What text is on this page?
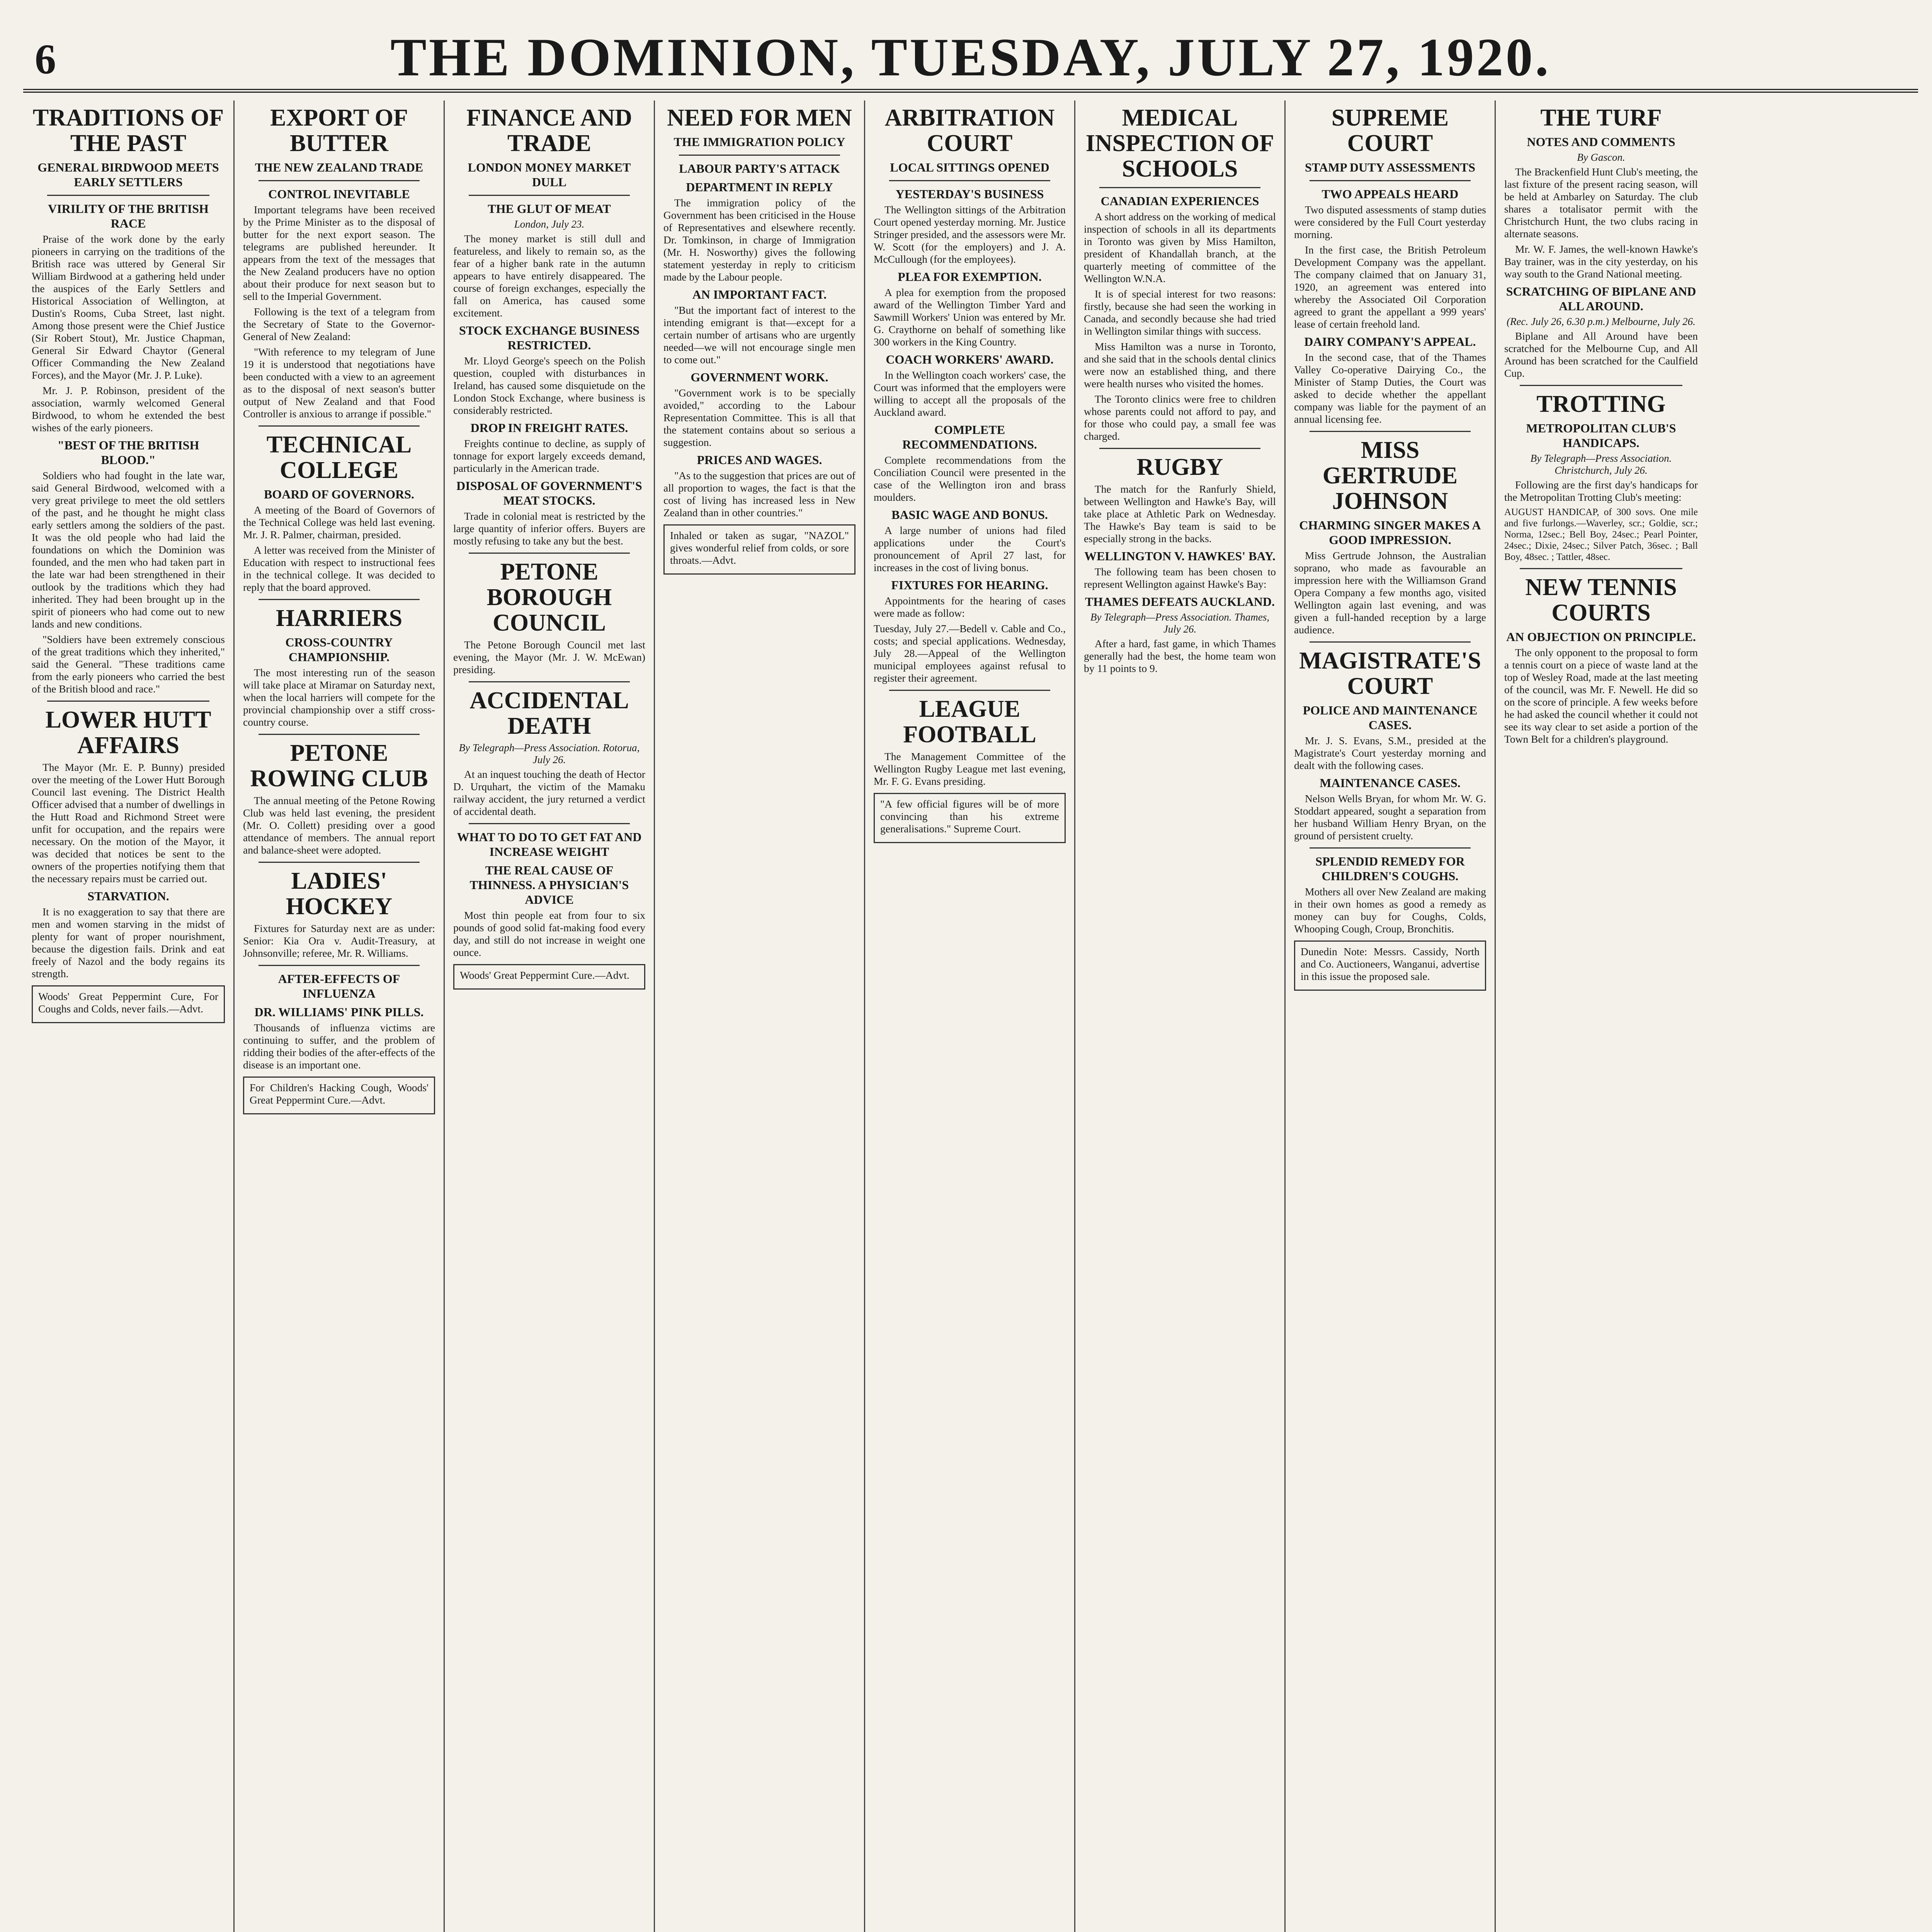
6	THE DOMINION, TUESDAY, JULY 27, 1920.
TRADITIONS OF THE PAST
GENERAL BIRDWOOD MEETS EARLY SETTLERS
VIRILITY OF THE BRITISH RACE

Praise of the work done by the early pioneers in carrying on the traditions of the British race was uttered by General Sir William Birdwood at a gathering held under the auspices of the Early Settlers and Historical Association of Wellington, at Dustin's Rooms, Cuba Street, last night. Among those present were the Chief Justice (Sir Robert Stout), Mr. Justice Chapman, General Sir Edward Chaytor (General Officer Commanding the New Zealand Forces), and the Mayor (Mr. J. P. Luke).

Mr. J. P. Robinson, president of the association, warmly welcomed General Birdwood, to whom he extended the best wishes of the early pioneers.

"BEST OF THE BRITISH BLOOD."

Soldiers who had fought in the late war, said General Birdwood, welcomed with a very great privilege to meet the old settlers of the past, and he thought he might class early settlers among the soldiers of the past. It was the old people who had laid the foundations on which the Dominion was founded, and the men who had taken part in the late war had been strengthened in their outlook by the traditions which they had inherited. They had been brought up in the spirit of pioneers who had come out to new lands and new conditions.

"Soldiers have been extremely conscious of the great traditions which they inherited," said the General. "These traditions came from the early pioneers who carried the best of the British blood and race."

LOWER HUTT AFFAIRS

The Mayor (Mr. E. P. Bunny) presided over the meeting of the Lower Hutt Borough Council last evening. The District Health Officer advised that a number of dwellings in the Hutt Road and Richmond Street were unfit for occupation, and the repairs were necessary. On the motion of the Mayor, it was decided that notices be sent to the owners of the properties notifying them that the necessary repairs must be carried out.

STARVATION.

It is no exaggeration to say that there are men and women starving in the midst of plenty for want of proper nourishment, because the digestion fails. Drink and eat freely of Nazol and the body regains its strength.

Woods' Great Peppermint Cure, For Coughs and Colds, never fails.—Advt.

EXPORT OF BUTTER
THE NEW ZEALAND TRADE
CONTROL INEVITABLE

Important telegrams have been received by the Prime Minister as to the disposal of butter for the next export season. The telegrams are published hereunder. It appears from the text of the messages that the New Zealand producers have no option about their produce for next season but to sell to the Imperial Government.

Following is the text of a telegram from the Secretary of State to the Governor-General of New Zealand:

"With reference to my telegram of June 19 it is understood that negotiations have been conducted with a view to an agreement as to the disposal of next season's butter output of New Zealand and that Food Controller is anxious to arrange if possible."

TECHNICAL COLLEGE
BOARD OF GOVERNORS.

A meeting of the Board of Governors of the Technical College was held last evening. Mr. J. R. Palmer, chairman, presided.

A letter was received from the Minister of Education with respect to instructional fees in the technical college. It was decided to reply that the board approved.

HARRIERS
CROSS-COUNTRY CHAMPIONSHIP.

The most interesting run of the season will take place at Miramar on Saturday next, when the local harriers will compete for the provincial championship over a stiff cross-country course.

PETONE ROWING CLUB

The annual meeting of the Petone Rowing Club was held last evening, the president (Mr. O. Collett) presiding over a good attendance of members. The annual report and balance-sheet were adopted.

LADIES' HOCKEY

Fixtures for Saturday next are as under: Senior: Kia Ora v. Audit-Treasury, at Johnsonville; referee, Mr. R. Williams.

AFTER-EFFECTS OF INFLUENZA
DR. WILLIAMS' PINK PILLS.

Thousands of influenza victims are continuing to suffer, and the problem of ridding their bodies of the after-effects of the disease is an important one.

For Children's Hacking Cough, Woods' Great Peppermint Cure.—Advt.

FINANCE AND TRADE
LONDON MONEY MARKET DULL
THE GLUT OF MEAT
London, July 23.

The money market is still dull and featureless, and likely to remain so, as the fear of a higher bank rate in the autumn appears to have entirely disappeared. The course of foreign exchanges, especially the fall on America, has caused some excitement.

STOCK EXCHANGE BUSINESS RESTRICTED.

Mr. Lloyd George's speech on the Polish question, coupled with disturbances in Ireland, has caused some disquietude on the London Stock Exchange, where business is considerably restricted.

DROP IN FREIGHT RATES.

Freights continue to decline, as supply of tonnage for export largely exceeds demand, particularly in the American trade.

DISPOSAL OF GOVERNMENT'S MEAT STOCKS.

Trade in colonial meat is restricted by the large quantity of inferior offers. Buyers are mostly refusing to take any but the best.

PETONE BOROUGH COUNCIL

The Petone Borough Council met last evening, the Mayor (Mr. J. W. McEwan) presiding.

ACCIDENTAL DEATH
By Telegraph—Press Association. Rotorua, July 26.

At an inquest touching the death of Hector D. Urquhart, the victim of the Mamaku railway accident, the jury returned a verdict of accidental death.

WHAT TO DO TO GET FAT AND INCREASE WEIGHT
THE REAL CAUSE OF THINNESS. A PHYSICIAN'S ADVICE

Most thin people eat from four to six pounds of good solid fat-making food every day, and still do not increase in weight one ounce.

Woods' Great Peppermint Cure.—Advt.

NEED FOR MEN
THE IMMIGRATION POLICY
LABOUR PARTY'S ATTACK
DEPARTMENT IN REPLY

The immigration policy of the Government has been criticised in the House of Representatives and elsewhere recently. Dr. Tomkinson, in charge of Immigration (Mr. H. Nosworthy) gives the following statement yesterday in reply to criticism made by the Labour people.

AN IMPORTANT FACT.

"But the important fact of interest to the intending emigrant is that—except for a certain number of artisans who are urgently needed—we will not encourage single men to come out."

GOVERNMENT WORK.

"Government work is to be specially avoided," according to the Labour Representation Committee. This is all that the statement contains about so serious a suggestion.

PRICES AND WAGES.

"As to the suggestion that prices are out of all proportion to wages, the fact is that the cost of living has increased less in New Zealand than in other countries."

Inhaled or taken as sugar, "NAZOL" gives wonderful relief from colds, or sore throats.—Advt.

ARBITRATION COURT
LOCAL SITTINGS OPENED
YESTERDAY'S BUSINESS

The Wellington sittings of the Arbitration Court opened yesterday morning. Mr. Justice Stringer presided, and the assessors were Mr. W. Scott (for the employers) and J. A. McCullough (for the employees).

PLEA FOR EXEMPTION.

A plea for exemption from the proposed award of the Wellington Timber Yard and Sawmill Workers' Union was entered by Mr. G. Craythorne on behalf of something like 300 workers in the King Country.

COACH WORKERS' AWARD.

In the Wellington coach workers' case, the Court was informed that the employers were willing to accept all the proposals of the Auckland award.

COMPLETE RECOMMENDATIONS.

Complete recommendations from the Conciliation Council were presented in the case of the Wellington iron and brass moulders.

BASIC WAGE AND BONUS.

A large number of unions had filed applications under the Court's pronouncement of April 27 last, for increases in the cost of living bonus.

FIXTURES FOR HEARING.

Appointments for the hearing of cases were made as follow:

Tuesday, July 27.—Bedell v. Cable and Co., costs; and special applications. Wednesday, July 28.—Appeal of the Wellington municipal employees against refusal to register their agreement.

LEAGUE FOOTBALL

The Management Committee of the Wellington Rugby League met last evening, Mr. F. G. Evans presiding.

"A few official figures will be of more convincing than his extreme generalisations." Supreme Court.

MEDICAL INSPECTION OF SCHOOLS
CANADIAN EXPERIENCES

A short address on the working of medical inspection of schools in all its departments in Toronto was given by Miss Hamilton, president of Khandallah branch, at the quarterly meeting of committee of the Wellington W.N.A.

It is of special interest for two reasons: firstly, because she had seen the working in Canada, and secondly because she had tried in Wellington similar things with success.

Miss Hamilton was a nurse in Toronto, and she said that in the schools dental clinics were now an established thing, and there were health nurses who visited the homes.

The Toronto clinics were free to children whose parents could not afford to pay, and for those who could pay, a small fee was charged.

RUGBY

The match for the Ranfurly Shield, between Wellington and Hawke's Bay, will take place at Athletic Park on Wednesday. The Hawke's Bay team is said to be especially strong in the backs.

WELLINGTON V. HAWKES' BAY.

The following team has been chosen to represent Wellington against Hawke's Bay:

THAMES DEFEATS AUCKLAND.
By Telegraph—Press Association. Thames, July 26.

After a hard, fast game, in which Thames generally had the best, the home team won by 11 points to 9.

SUPREME COURT
STAMP DUTY ASSESSMENTS
TWO APPEALS HEARD

Two disputed assessments of stamp duties were considered by the Full Court yesterday morning.

In the first case, the British Petroleum Development Company was the appellant. The company claimed that on January 31, 1920, an agreement was entered into whereby the Associated Oil Corporation agreed to grant the appellant a 999 years' lease of certain freehold land.

DAIRY COMPANY'S APPEAL.

In the second case, that of the Thames Valley Co-operative Dairying Co., the Minister of Stamp Duties, the Court was asked to decide whether the appellant company was liable for the payment of an annual licensing fee.

MISS GERTRUDE JOHNSON
CHARMING SINGER MAKES A GOOD IMPRESSION.

Miss Gertrude Johnson, the Australian soprano, who made as favourable an impression here with the Williamson Grand Opera Company a few months ago, visited Wellington again last evening, and was given a full-handed reception by a large audience.

MAGISTRATE'S COURT
POLICE AND MAINTENANCE CASES.

Mr. J. S. Evans, S.M., presided at the Magistrate's Court yesterday morning and dealt with the following cases.

MAINTENANCE CASES.

Nelson Wells Bryan, for whom Mr. W. G. Stoddart appeared, sought a separation from her husband William Henry Bryan, on the ground of persistent cruelty.

SPLENDID REMEDY FOR CHILDREN'S COUGHS.

Mothers all over New Zealand are making in their own homes as good a remedy as money can buy for Coughs, Colds, Whooping Cough, Croup, Bronchitis.

Dunedin Note: Messrs. Cassidy, North and Co. Auctioneers, Wanganui, advertise in this issue the proposed sale.

THE TURF
NOTES AND COMMENTS
By Gascon.

The Brackenfield Hunt Club's meeting, the last fixture of the present racing season, will be held at Ambarley on Saturday. The club shares a totalisator permit with the Christchurch Hunt, the two clubs racing in alternate seasons.

Mr. W. F. James, the well-known Hawke's Bay trainer, was in the city yesterday, on his way south to the Grand National meeting.

SCRATCHING OF BIPLANE AND ALL AROUND.
(Rec. July 26, 6.30 p.m.) Melbourne, July 26.

Biplane and All Around have been scratched for the Melbourne Cup, and All Around has been scratched for the Caulfield Cup.

TROTTING
METROPOLITAN CLUB'S HANDICAPS.
By Telegraph—Press Association. Christchurch, July 26.

Following are the first day's handicaps for the Metropolitan Trotting Club's meeting:

AUGUST HANDICAP, of 300 sovs. One mile and five furlongs.—Waverley, scr.; Goldie, scr.; Norma, 12sec.; Bell Boy, 24sec.; Pearl Pointer, 24sec.; Dixie, 24sec.; Silver Patch, 36sec. ; Ball Boy, 48sec. ; Tattler, 48sec.

NEW TENNIS COURTS
AN OBJECTION ON PRINCIPLE.

The only opponent to the proposal to form a tennis court on a piece of waste land at the top of Wesley Road, made at the last meeting of the council, was Mr. F. Newell. He did so on the score of principle. A few weeks before he had asked the council whether it could not see its way clear to set aside a portion of the Town Belt for a children's playground.
